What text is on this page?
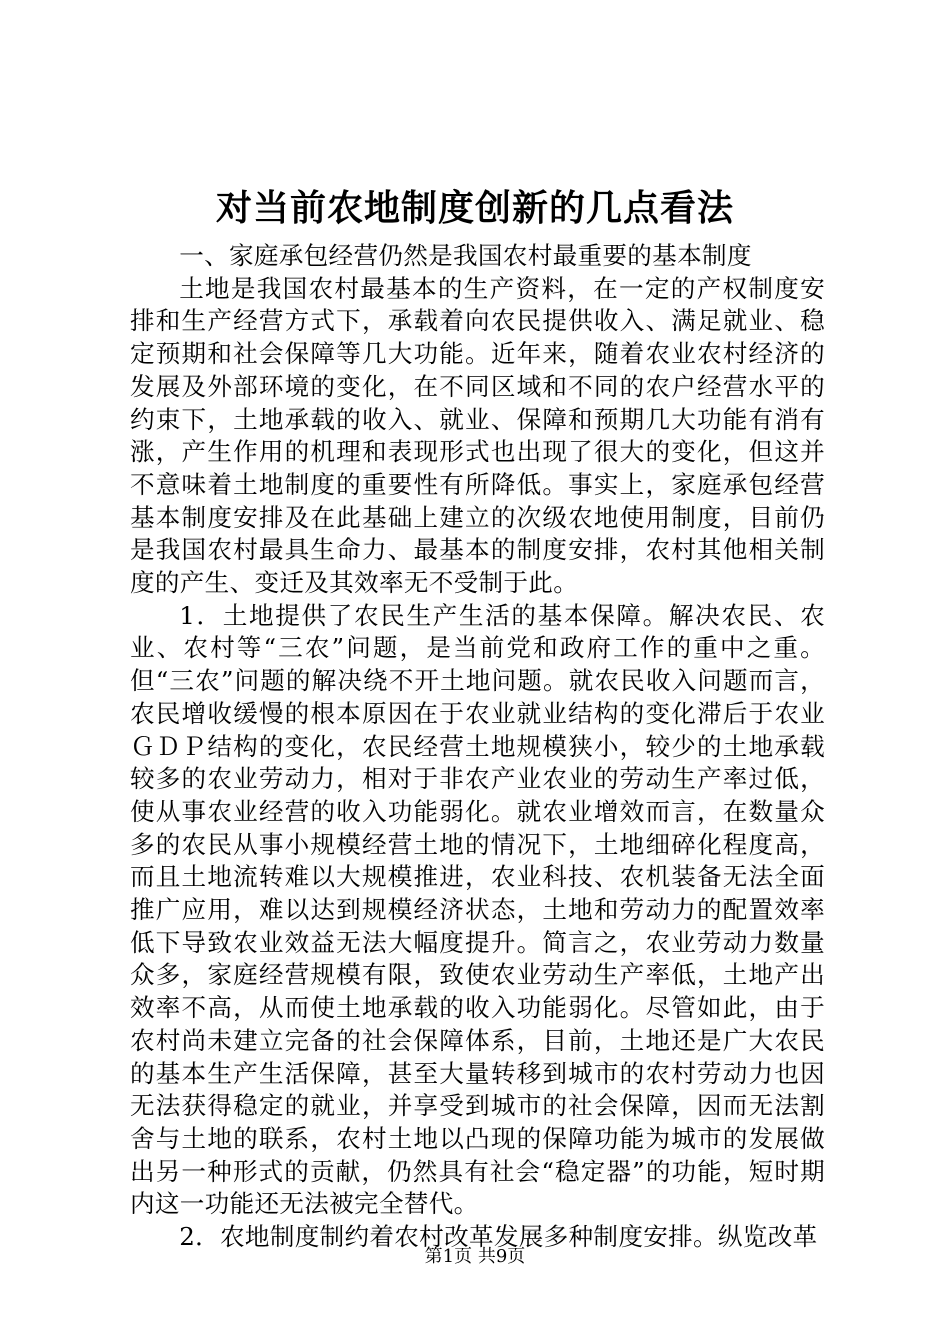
对当前农地制度创新的几点看法

一、家庭承包经营仍然是我国农村最重要的基本制度

土地是我国农村最基本的生产资料，在一定的产权制度安排和生产经营方式下，承载着向农民提供收入、满足就业、稳定预期和社会保障等几大功能。近年来，随着农业农村经济的发展及外部环境的变化，在不同区域和不同的农户经营水平的约束下，土地承载的收入、就业、保障和预期几大功能有消有涨，产生作用的机理和表现形式也出现了很大的变化，但这并不意味着土地制度的重要性有所降低。事实上，家庭承包经营基本制度安排及在此基础上建立的次级农地使用制度，目前仍是我国农村最具生命力、最基本的制度安排，农村其他相关制度的产生、变迁及其效率无不受制于此。

1．土地提供了农民生产生活的基本保障。解决农民、农业、农村等“三农”问题，是当前党和政府工作的重中之重。但“三农”问题的解决绕不开土地问题。就农民收入问题而言，农民增收缓慢的根本原因在于农业就业结构的变化滞后于农业ＧＤＰ结构的变化，农民经营土地规模狭小，较少的土地承载较多的农业劳动力，相对于非农产业农业的劳动生产率过低，使从事农业经营的收入功能弱化。就农业增效而言，在数量众多的农民从事小规模经营土地的情况下，土地细碎化程度高，而且土地流转难以大规模推进，农业科技、农机装备无法全面推广应用，难以达到规模经济状态，土地和劳动力的配置效率低下导致农业效益无法大幅度提升。简言之，农业劳动力数量众多，家庭经营规模有限，致使农业劳动生产率低，土地产出效率不高，从而使土地承载的收入功能弱化。尽管如此，由于农村尚未建立完备的社会保障体系，目前，土地还是广大农民的基本生产生活保障，甚至大量转移到城市的农村劳动力也因无法获得稳定的就业，并享受到城市的社会保障，因而无法割舍与土地的联系，农村土地以凸现的保障功能为城市的发展做出另一种形式的贡献，仍然具有社会“稳定器”的功能，短时期内这一功能还无法被完全替代。

2．农地制度制约着农村改革发展多种制度安排。纵览改革

第1页 共9页
